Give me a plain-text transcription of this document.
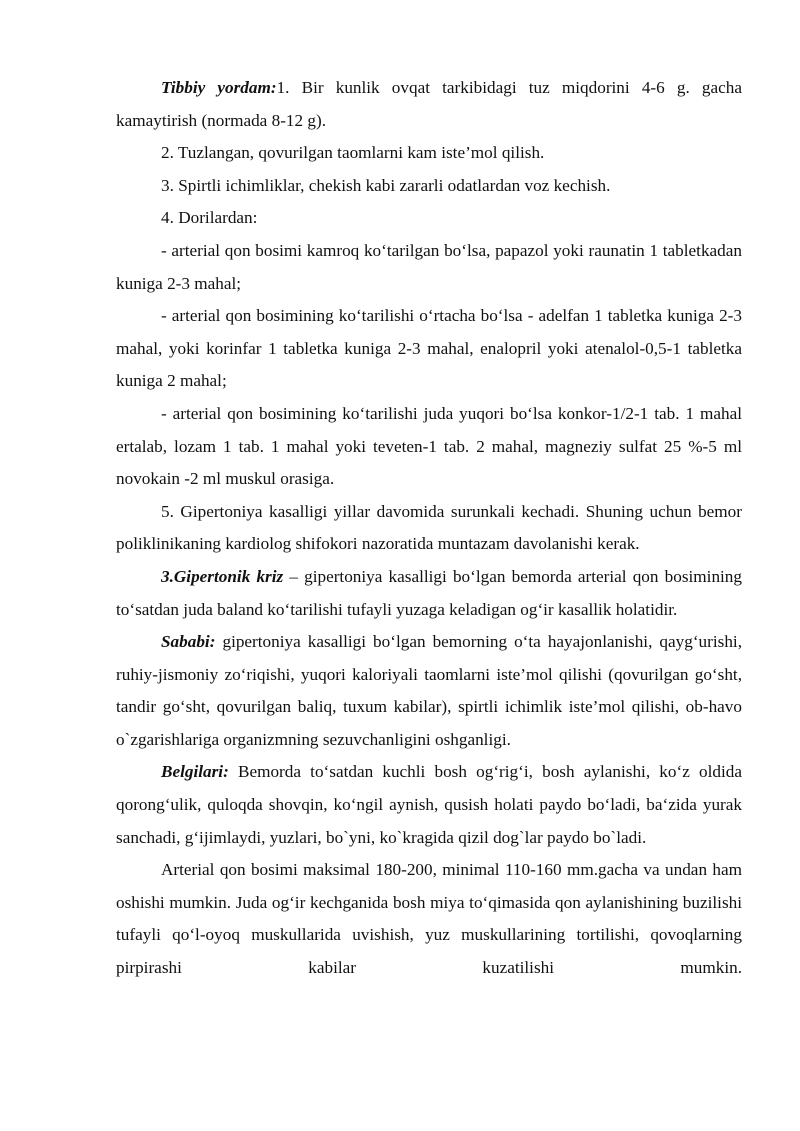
Tibbiy yordam:1. Bir kunlik ovqat tarkibidagi tuz miqdorini 4-6 g. gacha kamaytirish (normada 8-12 g).

2. Tuzlangan, qovurilgan taomlarni kam iste’mol qilish.

3. Spirtli ichimliklar, chekish kabi zararli odatlardan voz kechish.

4. Dorilardan:

- arterial qon bosimi kamroq ko‘tarilgan bo‘lsa, papazol yoki raunatin 1 tabletkadan kuniga 2-3 mahal;

- arterial qon bosimining ko‘tarilishi o‘rtacha bo‘lsa - adelfan 1 tabletka kuniga 2-3 mahal, yoki korinfar 1 tabletka kuniga 2-3 mahal, enalopril yoki atenalol-0,5-1 tabletka kuniga 2 mahal;

- arterial qon bosimining ko‘tarilishi juda yuqori bo‘lsa konkor-1/2-1 tab. 1 mahal ertalab, lozam 1 tab. 1 mahal yoki teveten-1 tab. 2 mahal, magneziy sulfat 25 %-5 ml novokain -2 ml muskul orasiga.

5. Gipertoniya kasalligi yillar davomida surunkali kechadi. Shuning uchun bemor poliklinikaning kardiolog shifokori nazoratida muntazam davolanishi kerak.

3.Gipertonik kriz – gipertoniya kasalligi bo‘lgan bemorda arterial qon bosimining to‘satdan juda baland ko‘tarilishi tufayli yuzaga keladigan og‘ir kasallik holatidir.

Sababi: gipertoniya kasalligi bo‘lgan bemorning o‘ta hayajonlanishi, qayg‘urishi, ruhiy-jismoniy zo‘riqishi, yuqori kaloriyali taomlarni iste’mol qilishi (qovurilgan go‘sht, tandir go‘sht, qovurilgan baliq, tuxum kabilar), spirtli ichimlik iste’mol qilishi, ob-havo o`zgarishlariga organizmning sezuvchanligini oshganligi.

Belgilari: Bemorda to‘satdan kuchli bosh og‘rig‘i, bosh aylanishi, ko‘z oldida qorong‘ulik, quloqda shovqin, ko‘ngil aynish, qusish holati paydo bo‘ladi, ba‘zida yurak sanchadi, g‘ijimlaydi, yuzlari, bo`yni, ko`kragida qizil dog`lar paydo bo`ladi.

Arterial qon bosimi maksimal 180-200, minimal 110-160 mm.gacha va undan ham oshishi mumkin. Juda og‘ir kechganida bosh miya to‘qimasida qon aylanishining buzilishi tufayli qo‘l-oyoq muskullarida uvishish, yuz muskullarining tortilishi, qovoqlarning pirpirashi kabilar kuzatilishi mumkin.
